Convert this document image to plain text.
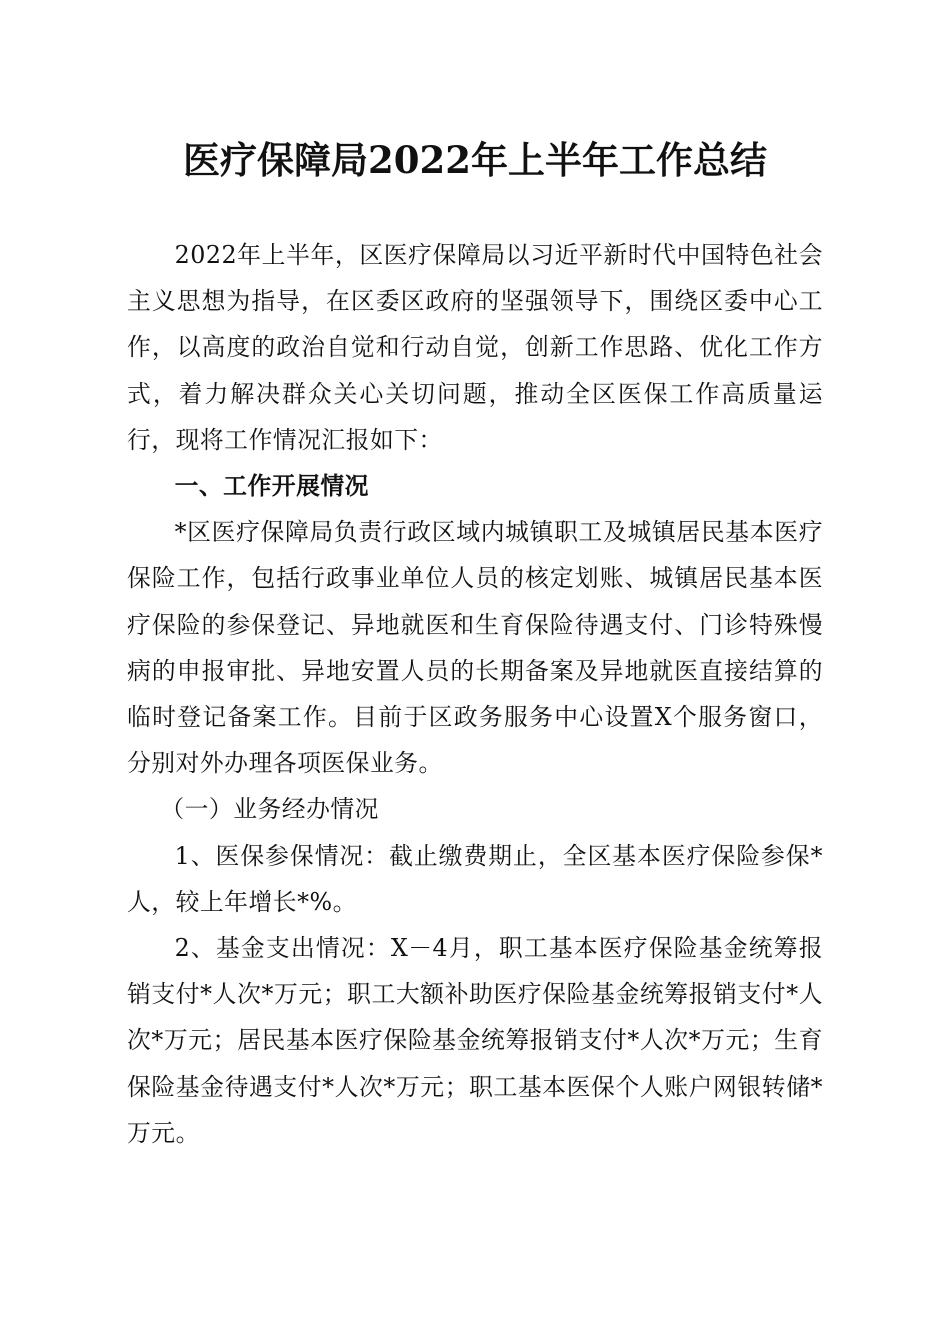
医疗保障局2022年上半年工作总结

2022年上半年，区医疗保障局以习近平新时代中国特色社会主义思想为指导，在区委区政府的坚强领导下，围绕区委中心工作，以高度的政治自觉和行动自觉，创新工作思路、优化工作方式，着力解决群众关心关切问题，推动全区医保工作高质量运行，现将工作情况汇报如下：

一、工作开展情况

*区医疗保障局负责行政区域内城镇职工及城镇居民基本医疗保险工作，包括行政事业单位人员的核定划账、城镇居民基本医疗保险的参保登记、异地就医和生育保险待遇支付、门诊特殊慢病的申报审批、异地安置人员的长期备案及异地就医直接结算的临时登记备案工作。目前于区政务服务中心设置X个服务窗口，分别对外办理各项医保业务。

（一）业务经办情况

1、医保参保情况：截止缴费期止，全区基本医疗保险参保*人，较上年增长*%。

2、基金支出情况：X－4月，职工基本医疗保险基金统筹报销支付*人次*万元；职工大额补助医疗保险基金统筹报销支付*人次*万元；居民基本医疗保险基金统筹报销支付*人次*万元；生育保险基金待遇支付*人次*万元；职工基本医保个人账户网银转储*万元。
